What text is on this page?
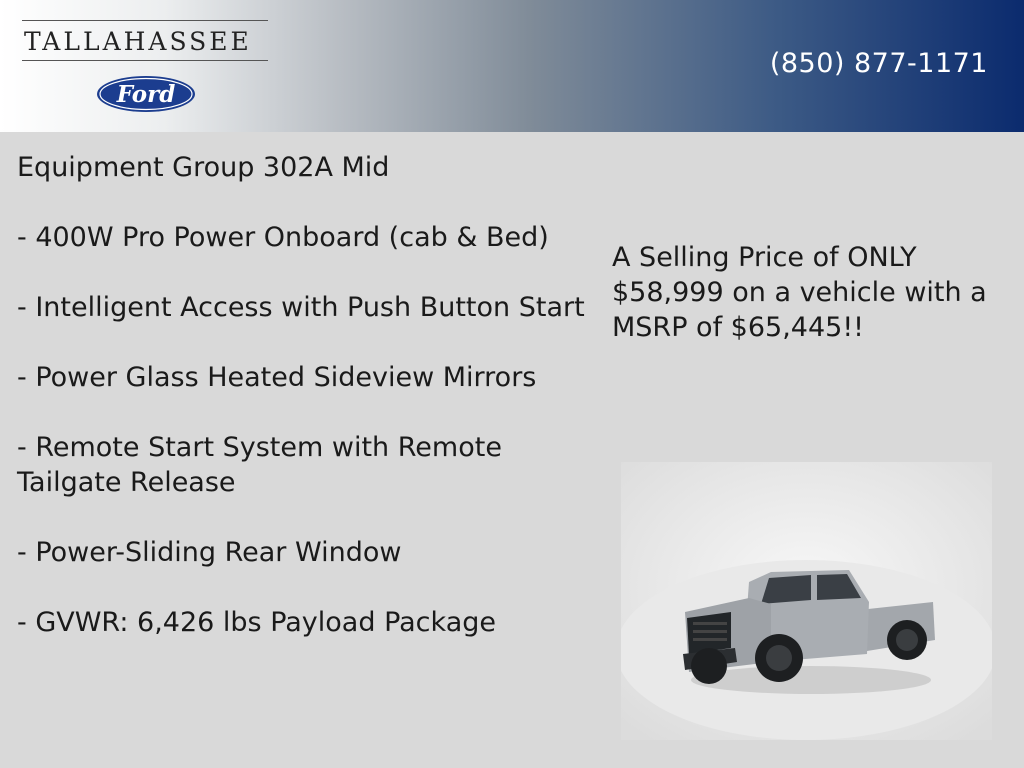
TALLAHASSEE
Ford
(850) 877-1171
Equipment Group 302A Mid
- 400W Pro Power Onboard (cab & Bed)
- Intelligent Access with Push Button Start
- Power Glass Heated Sideview Mirrors
- Remote Start System with Remote Tailgate Release
- Power-Sliding Rear Window
- GVWR: 6,426 lbs Payload Package
A Selling Price of ONLY $58,999 on a vehicle with a MSRP of $65,445!!
